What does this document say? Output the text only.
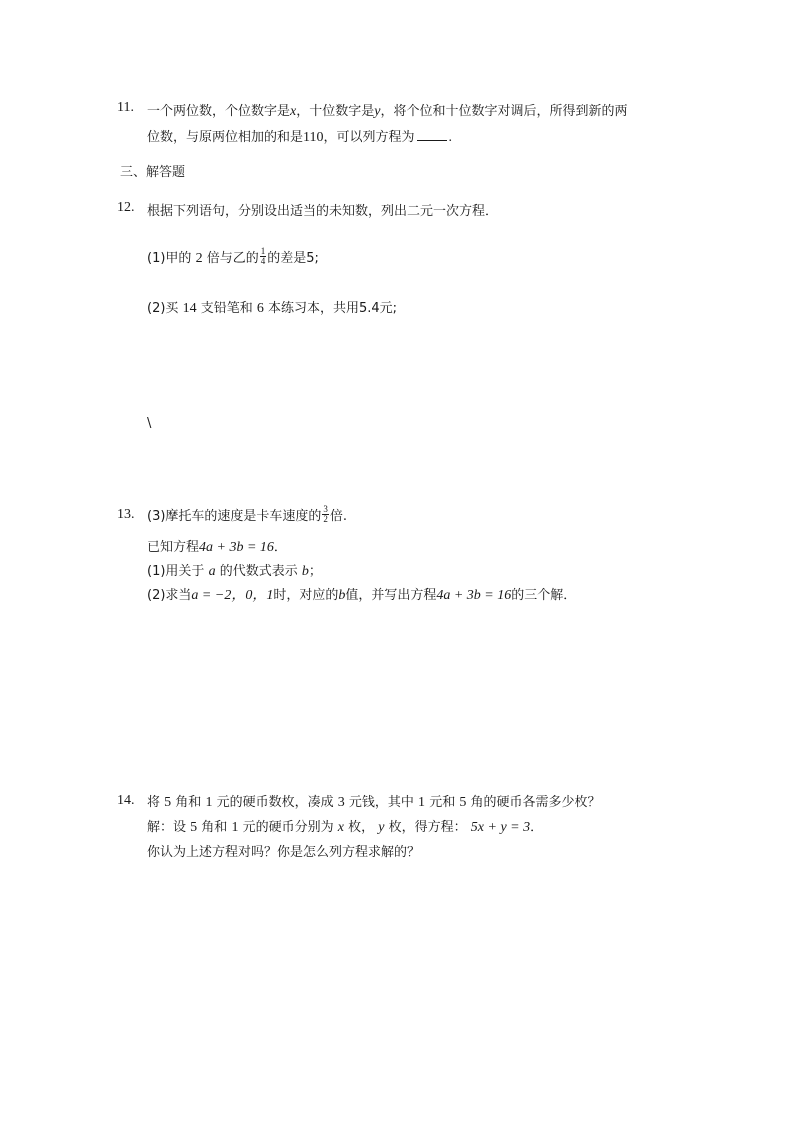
11. 一个两位数，个位数字是x，十位数字是y，将个位和十位数字对调后，所得到新的两
位数，与原两位相加的和是110，可以列方程为 .
三、解答题
12. 根据下列语句，分别设出适当的未知数，列出二元一次方程．
(1)甲的 2 倍与乙的 $\frac{1}{4}$ 的差是5;
(2)买 14 支铅笔和 6 本练习本，共用5.4元;
\
13. (3)摩托车的速度是卡车速度的 $\frac{3}{2}$ 倍.
已知方程4a + 3b = 16．
(1)用关于 a 的代数式表示 b；
(2)求当a = −2，0，1时，对应的b值，并写出方程4a + 3b = 16的三个解．
14. 将 5 角和 1 元的硬币数枚，凑成 3 元钱，其中 1 元和 5 角的硬币各需多少枚？
解：设 5 角和 1 元的硬币分别为 x 枚， y 枚，得方程： 5x + y = 3．
你认为上述方程对吗？你是怎么列方程求解的？
